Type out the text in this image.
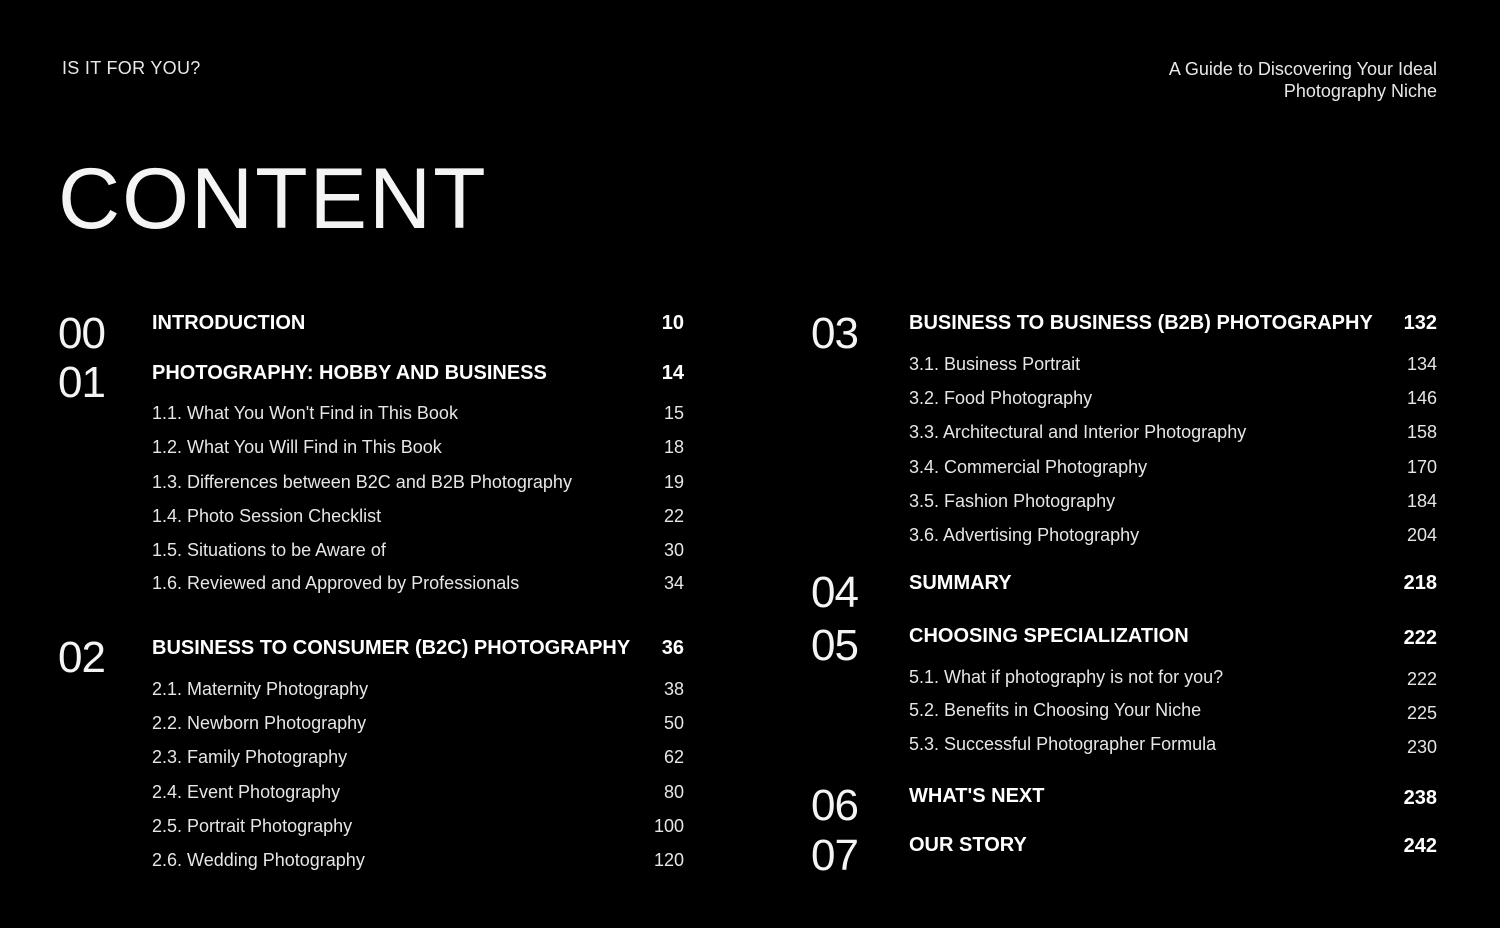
IS IT FOR YOU?	A Guide to Discovering Your Ideal
Photography Niche
CONTENT
00 INTRODUCTION	10
01 PHOTOGRAPHY: HOBBY AND BUSINESS	14
1.1. What You Won't Find in This Book	15
1.2. What You Will Find in This Book	18
1.3. Differences between B2C and B2B Photography	19
1.4. Photo Session Checklist	22
1.5. Situations to be Aware of	30
1.6. Reviewed and Approved by Professionals	34
02 BUSINESS TO CONSUMER (B2C) PHOTOGRAPHY	36
2.1. Maternity Photography	38
2.2. Newborn Photography	50
2.3. Family Photography	62
2.4. Event Photography	80
2.5. Portrait Photography	100
2.6. Wedding Photography	120
03	BUSINESS TO BUSINESS (B2B) PHOTOGRAPHY	132
3.1. Business Portrait	134
3.2. Food Photography	146
3.3. Architectural and Interior Photography	158
3.4. Commercial Photography	170
3.5. Fashion Photography	184
3.6. Advertising Photography	204
04	SUMMARY	218
05	CHOOSING SPECIALIZATION	222
5.1. What if photography is not for you?	222
5.2. Benefits in Choosing Your Niche	225
5.3. Successful Photographer Formula	230
06	WHAT'S NEXT	238
07	OUR STORY	242
